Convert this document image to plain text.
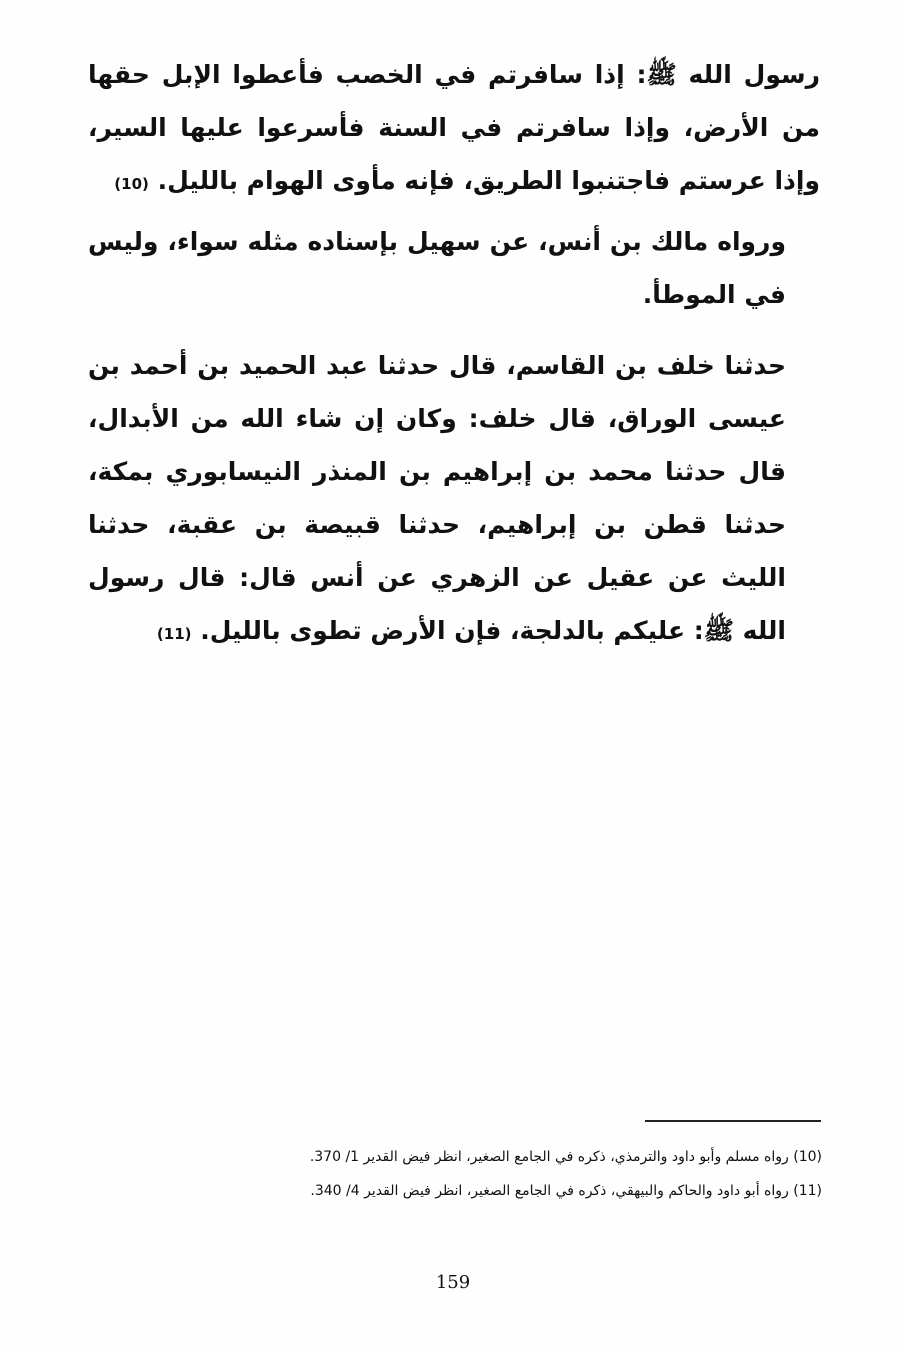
رسول الله ﷺ: إذا سافرتم في الخصب فأعطوا الإبل حقها من الأرض، وإذا سافرتم في السنة فأسرعوا عليها السير، وإذا عرستم فاجتنبوا الطريق، فإنه مأوى الهوام بالليل. (10)

ورواه مالك بن أنس، عن سهيل بإسناده مثله سواء، وليس في الموطأ.

حدثنا خلف بن القاسم، قال حدثنا عبد الحميد بن أحمد بن عيسى الوراق، قال خلف: وكان إن شاء الله من الأبدال، قال حدثنا محمد بن إبراهيم بن المنذر النيسابوري بمكة، حدثنا قطن بن إبراهيم، حدثنا قبيصة بن عقبة، حدثنا الليث عن عقيل عن الزهري عن أنس قال: قال رسول الله ﷺ: عليكم بالدلجة، فإن الأرض تطوى بالليل. (11)

(10) رواه مسلم وأبو داود والترمذي، ذكره في الجامع الصغير، انظر فيض القدير 1/ 370.

(11) رواه أبو داود والحاكم والبيهقي، ذكره في الجامع الصغير، انظر فيض القدير 4/ 340.

159
